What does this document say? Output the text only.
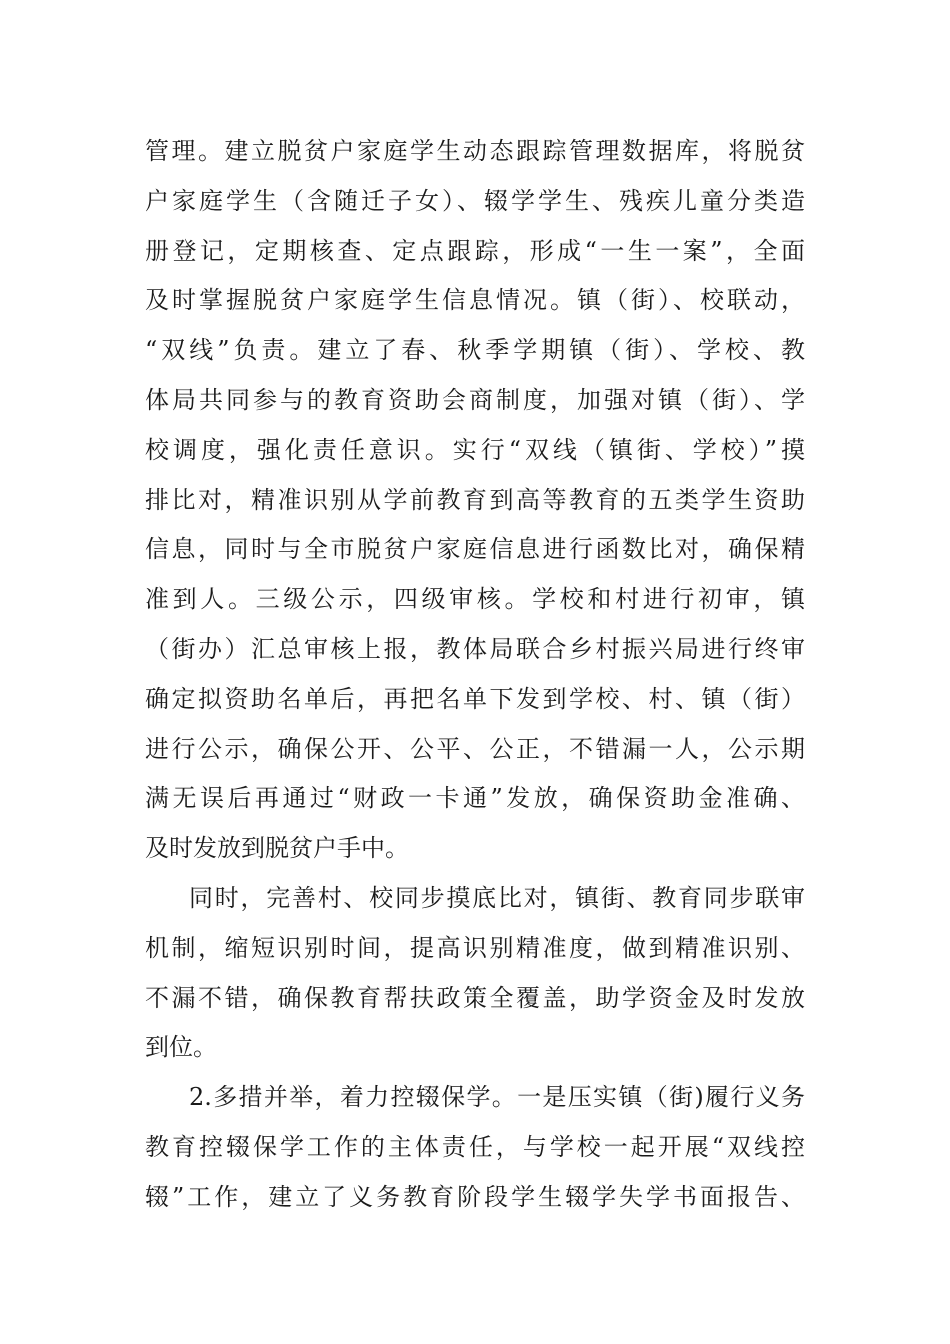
管理。建立脱贫户家庭学生动态跟踪管理数据库，将脱贫
户家庭学生（含随迁子女）、辍学学生、残疾儿童分类造
册登记，定期核查、定点跟踪，形成“一生一案”，全面
及时掌握脱贫户家庭学生信息情况。镇（街）、校联动，
“双线”负责。建立了春、秋季学期镇（街）、学校、教
体局共同参与的教育资助会商制度，加强对镇（街）、学
校调度，强化责任意识。实行“双线（镇街、学校）”摸
排比对，精准识别从学前教育到高等教育的五类学生资助
信息，同时与全市脱贫户家庭信息进行函数比对，确保精
准到人。三级公示，四级审核。学校和村进行初审，镇
（街办）汇总审核上报，教体局联合乡村振兴局进行终审
确定拟资助名单后，再把名单下发到学校、村、镇（街）
进行公示，确保公开、公平、公正，不错漏一人，公示期
满无误后再通过“财政一卡通”发放，确保资助金准确、
及时发放到脱贫户手中。
同时，完善村、校同步摸底比对，镇街、教育同步联审
机制，缩短识别时间，提高识别精准度，做到精准识别、
不漏不错，确保教育帮扶政策全覆盖，助学资金及时发放
到位。
2.多措并举，着力控辍保学。一是压实镇（街)履行义务
教育控辍保学工作的主体责任，与学校一起开展“双线控
辍”工作，建立了义务教育阶段学生辍学失学书面报告、
